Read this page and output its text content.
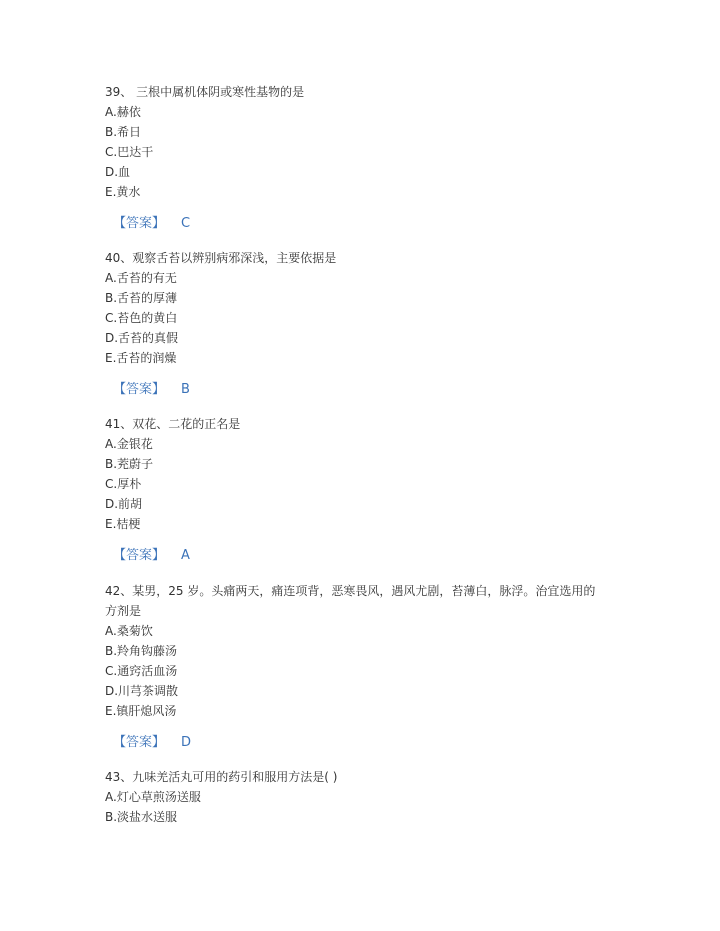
39、 三根中属机体阴或寒性基物的是

A.赫依
B.希日
C.巴达干
D.血
E.黄水
【答案】 C

40、观察舌苔以辨别病邪深浅，主要依据是

A.舌苔的有无
B.舌苔的厚薄
C.苔色的黄白
D.舌苔的真假
E.舌苔的润燥
【答案】 B

41、双花、二花的正名是

A.金银花
B.茺蔚子
C.厚朴
D.前胡
E.桔梗
【答案】 A

42、某男，25 岁。头痛两天，痛连项背，恶寒畏风，遇风尤剧，苔薄白，脉浮。治宜选用的方剂是

A.桑菊饮
B.羚角钩藤汤
C.通窍活血汤
D.川芎茶调散
E.镇肝熄风汤
【答案】 D

43、九味羌活丸可用的药引和服用方法是( )

A.灯心草煎汤送服
B.淡盐水送服
